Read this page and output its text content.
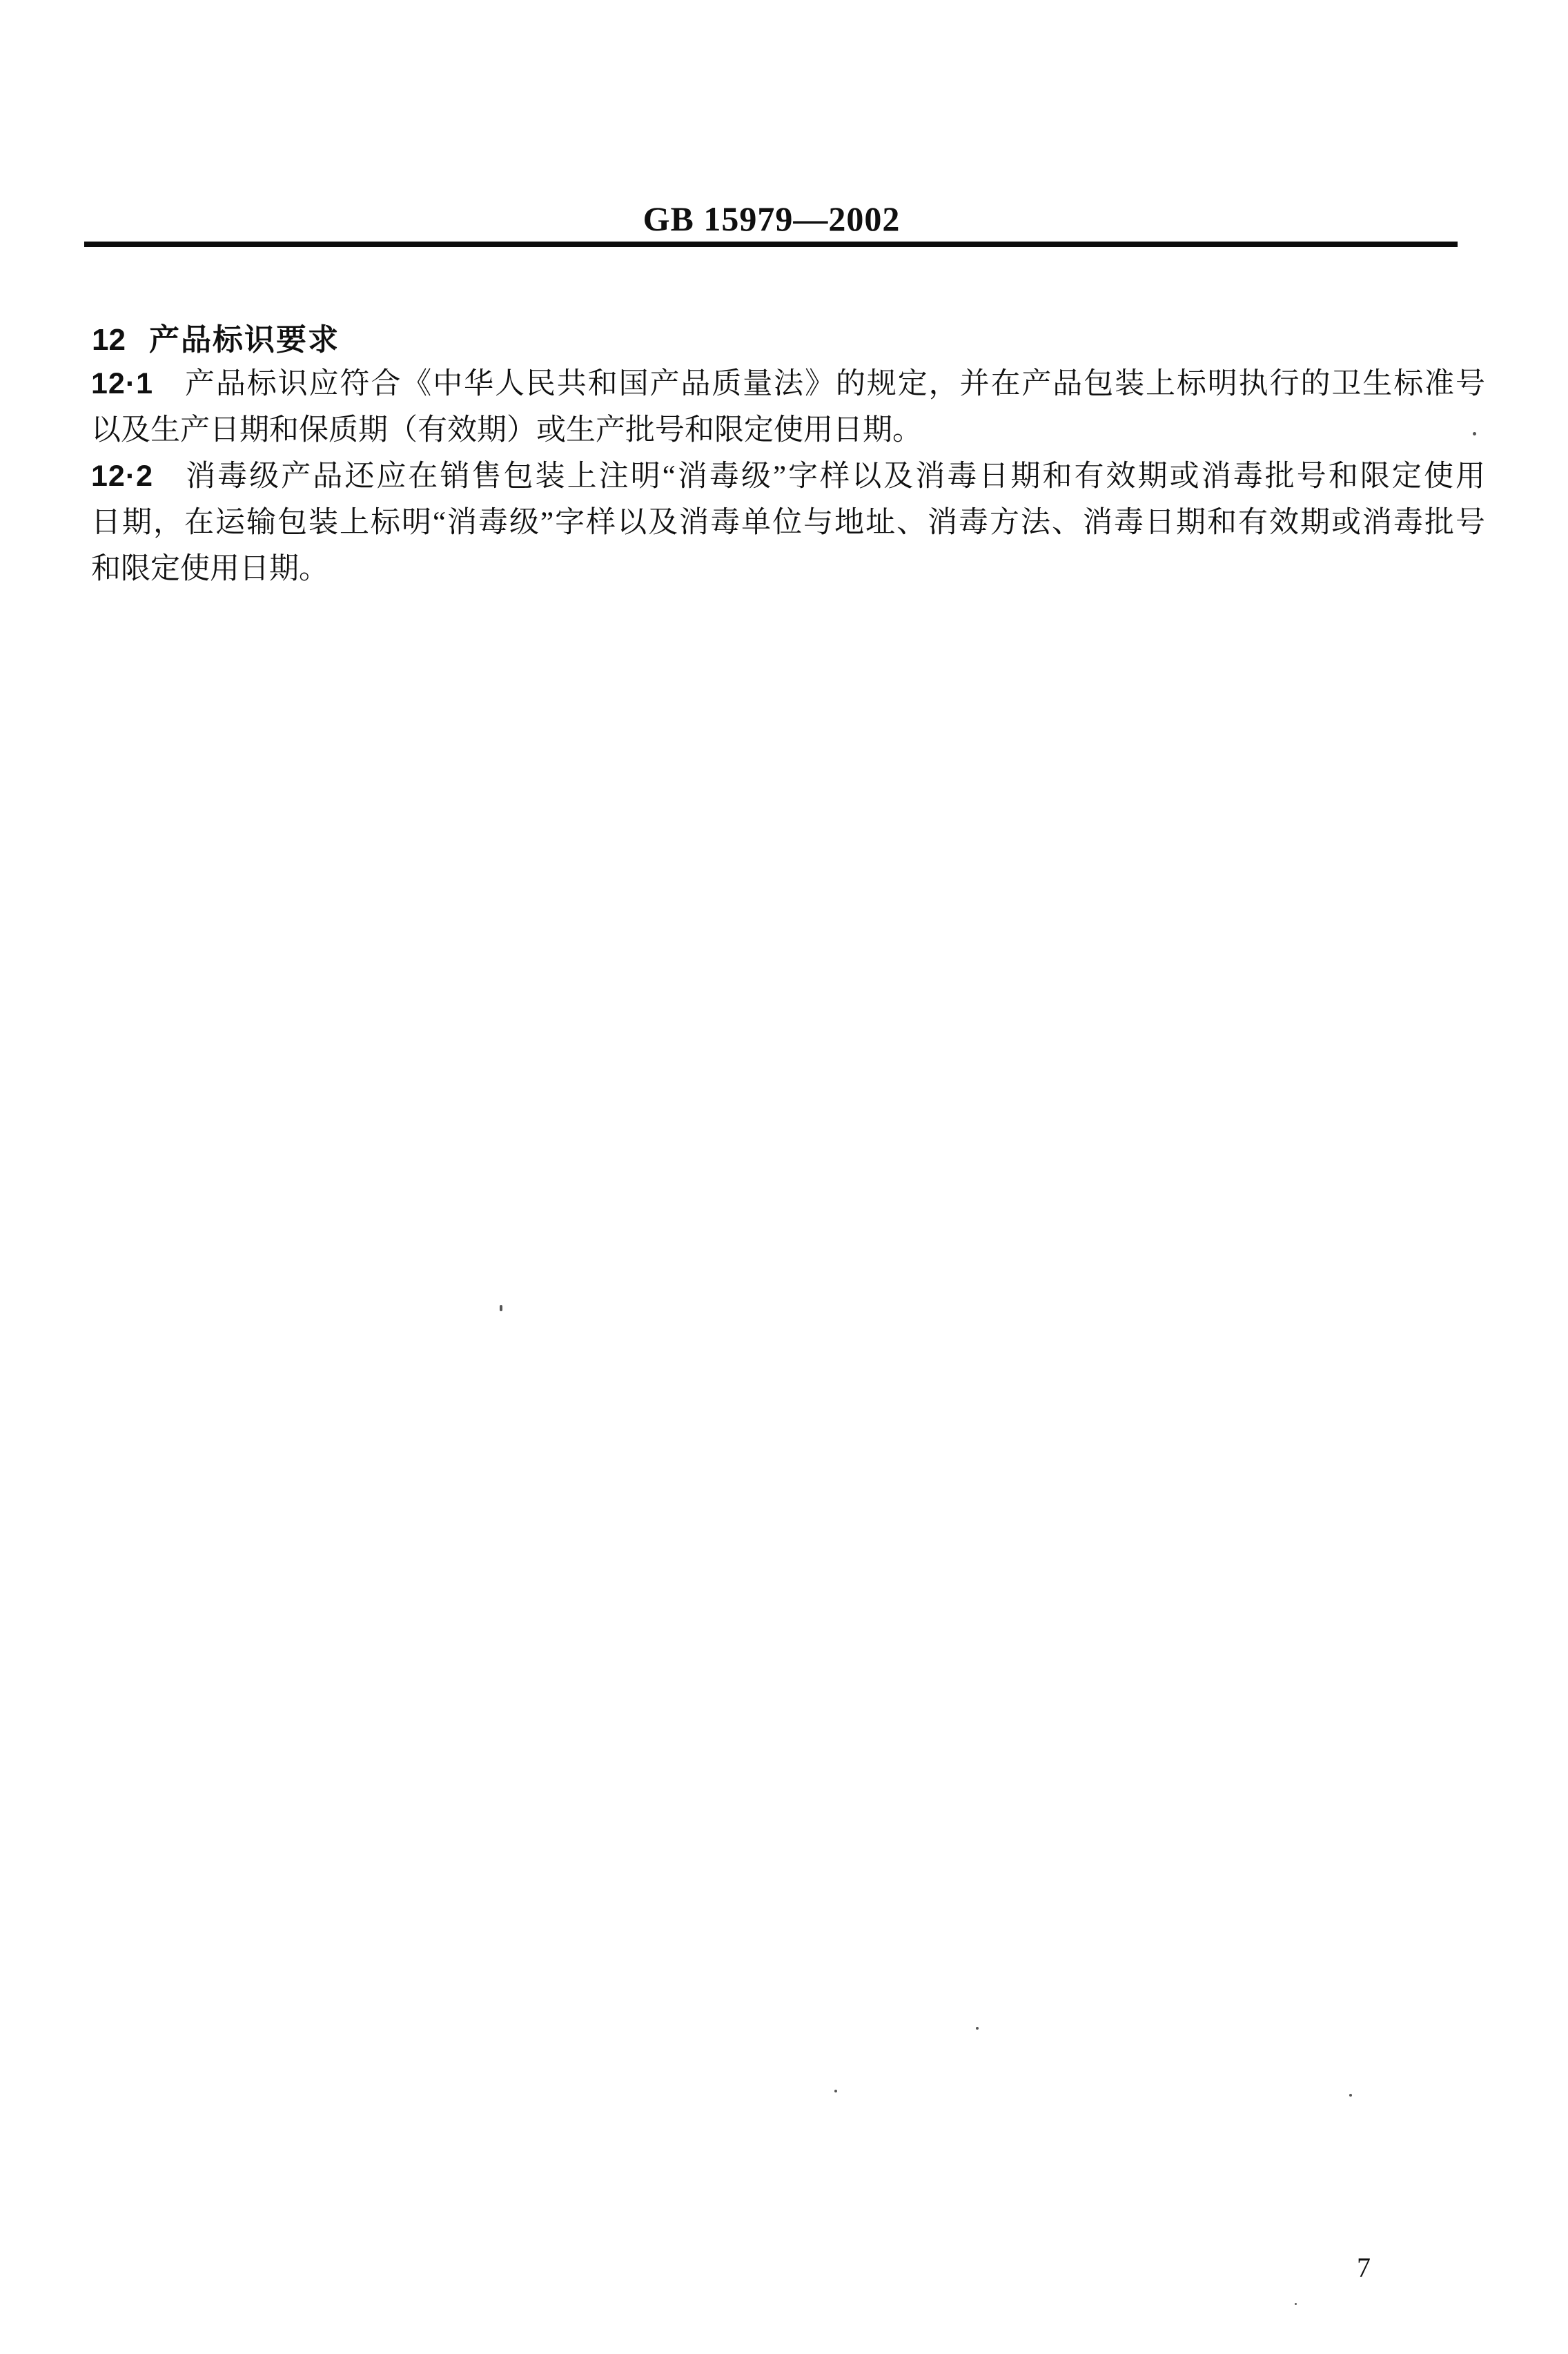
GB 15979—2002
12 产品标识要求

12·1 产品标识应符合《中华人民共和国产品质量法》的规定，并在产品包装上标明执行的卫生标准号
以及生产日期和保质期（有效期）或生产批号和限定使用日期。

12·2 消毒级产品还应在销售包装上注明“消毒级”字样以及消毒日期和有效期或消毒批号和限定使用
日期，在运输包装上标明“消毒级”字样以及消毒单位与地址、消毒方法、消毒日期和有效期或消毒批号
和限定使用日期。

7
